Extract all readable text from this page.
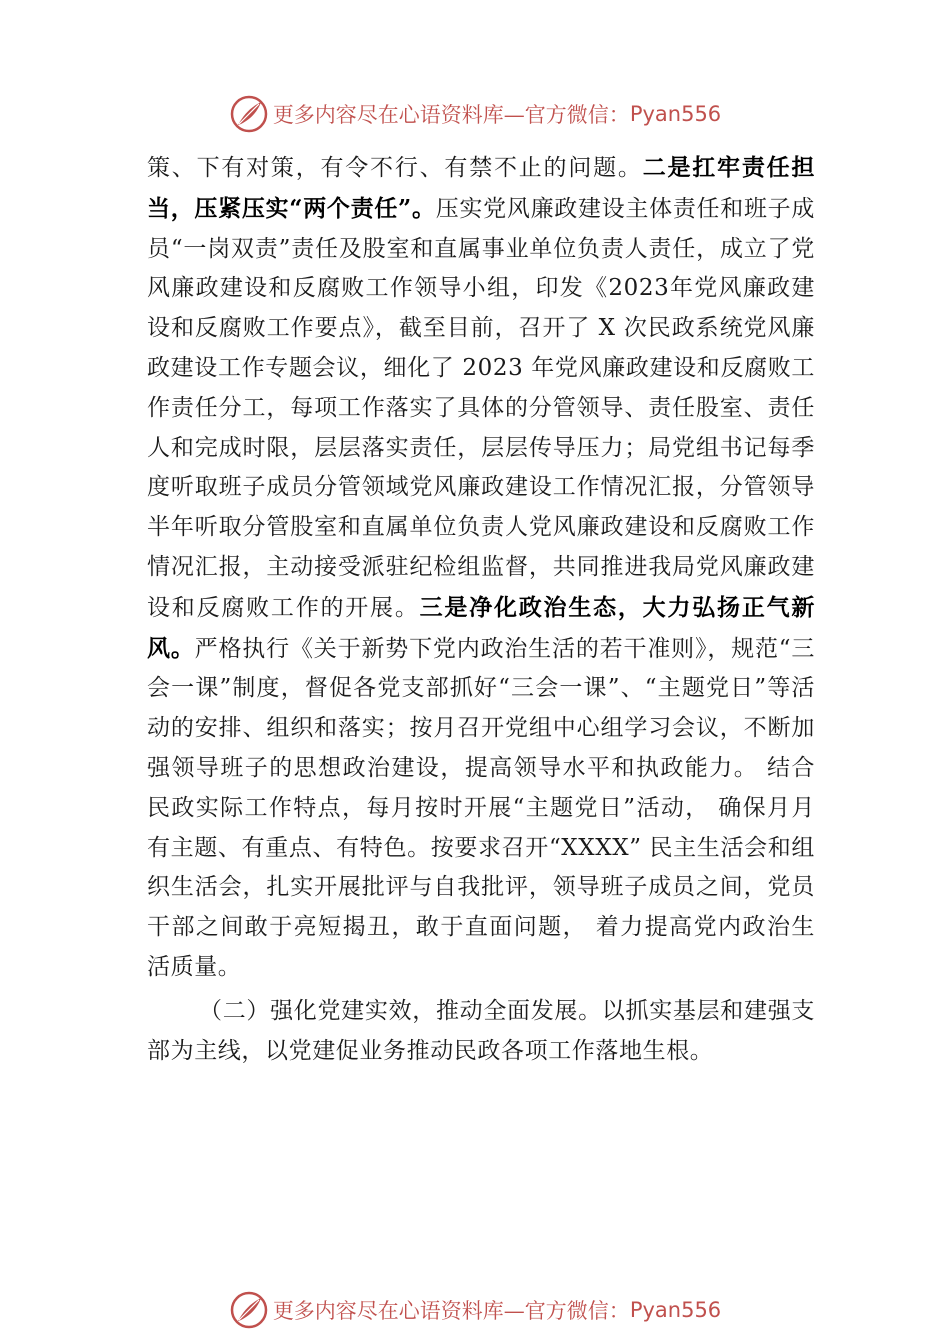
更多内容尽在心语资料库—官方微信： Pyan556

策、下有对策，有令不行、有禁不止的问题。二是扛牢责任担当，压紧压实“两个责任”。压实党风廉政建设主体责任和班子成员“一岗双责”责任及股室和直属事业单位负责人责任，成立了党风廉政建设和反腐败工作领导小组，印发《2023年党风廉政建设和反腐败工作要点》，截至目前，召开了 X 次民政系统党风廉政建设工作专题会议，细化了 2023 年党风廉政建设和反腐败工作责任分工，每项工作落实了具体的分管领导、责任股室、责任人和完成时限，层层落实责任，层层传导压力；局党组书记每季度听取班子成员分管领域党风廉政建设工作情况汇报，分管领导半年听取分管股室和直属单位负责人党风廉政建设和反腐败工作情况汇报，主动接受派驻纪检组监督，共同推进我局党风廉政建设和反腐败工作的开展。三是净化政治生态，大力弘扬正气新风。严格执行《关于新势下党内政治生活的若干准则》，规范“三会一课”制度，督促各党支部抓好“三会一课”、“主题党日”等活动的安排、组织和落实；按月召开党组中心组学习会议，不断加强领导班子的思想政治建设，提高领导水平和执政能力。 结合民政实际工作特点，每月按时开展“主题党日”活动， 确保月月有主题、有重点、有特色。按要求召开“XXXX” 民主生活会和组织生活会，扎实开展批评与自我批评，领导班子成员之间，党员干部之间敢于亮短揭丑，敢于直面问题， 着力提高党内政治生活质量。

（二）强化党建实效，推动全面发展。以抓实基层和建强支部为主线，以党建促业务推动民政各项工作落地生根。

更多内容尽在心语资料库—官方微信： Pyan556
